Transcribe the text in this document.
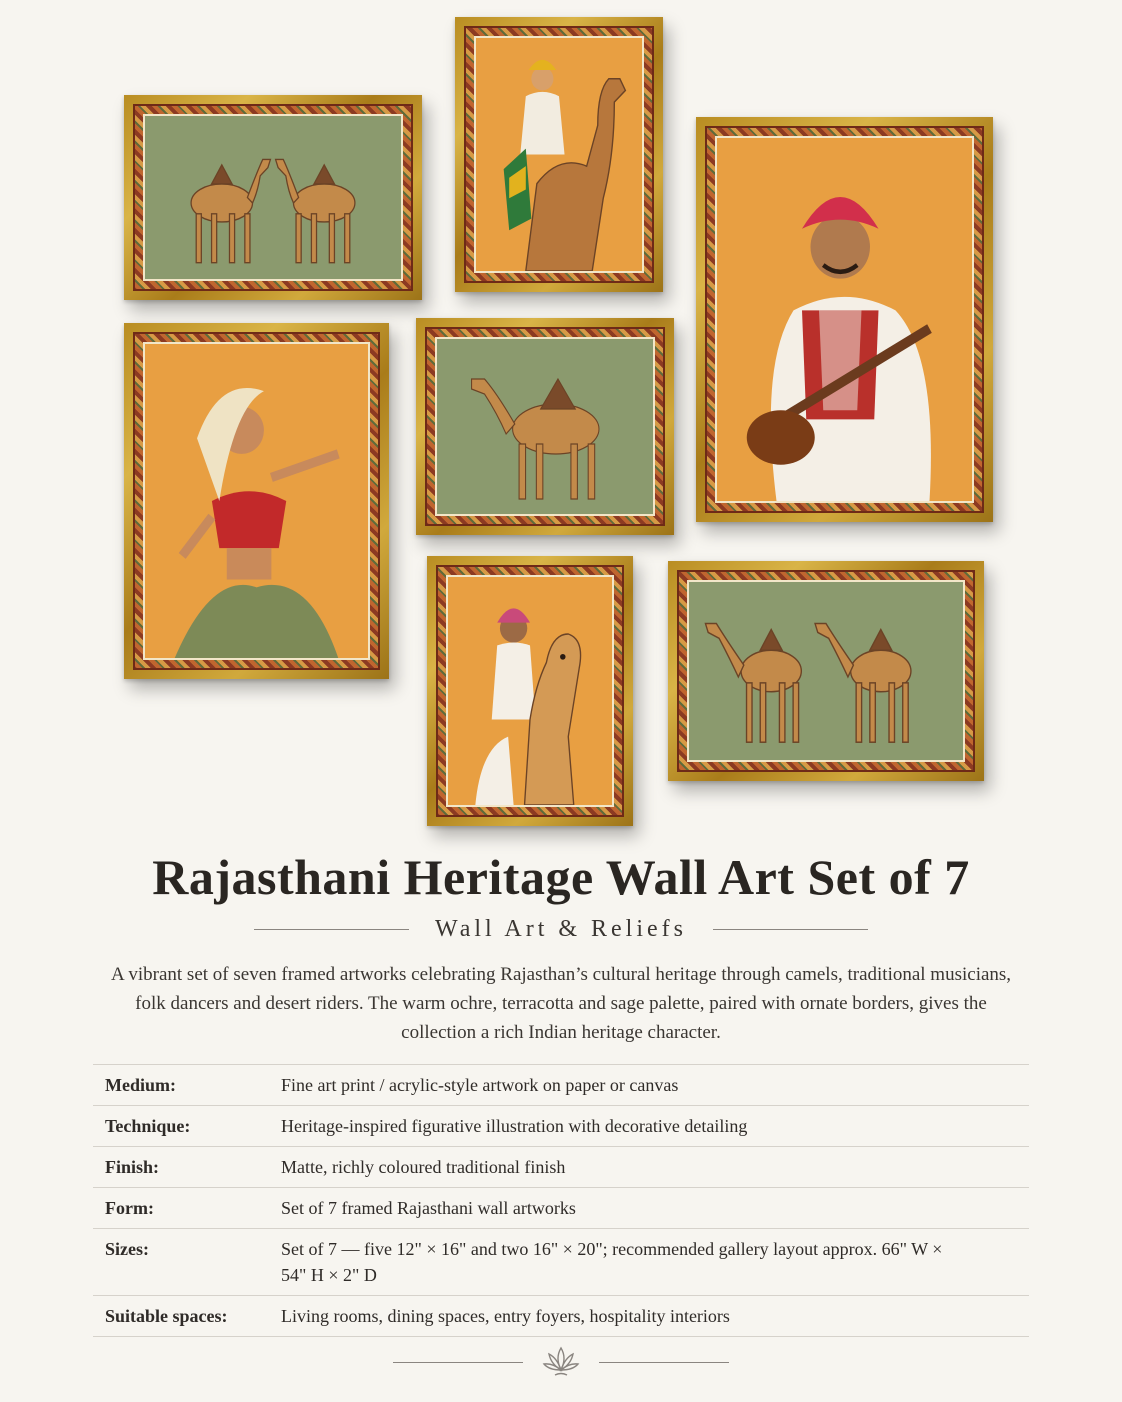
Rajasthani Heritage Wall Art Set of 7
Wall Art & Reliefs

A vibrant set of seven framed artworks celebrating Rajasthan’s cultural heritage through camels, traditional musicians, folk dancers and desert riders. The warm ochre, terracotta and sage palette, paired with ornate borders, gives the collection a rich Indian heritage character.

Medium:	Fine art print / acrylic-style artwork on paper or canvas
Technique:	Heritage-inspired figurative illustration with decorative detailing
Finish:	Matte, richly coloured traditional finish
Form:	Set of 7 framed Rajasthani wall artworks
Sizes:	Set of 7 — five 12" × 16" and two 16" × 20"; recommended gallery layout approx. 66" W × 54" H × 2" D
Suitable spaces:	Living rooms, dining spaces, entry foyers, hospitality interiors
